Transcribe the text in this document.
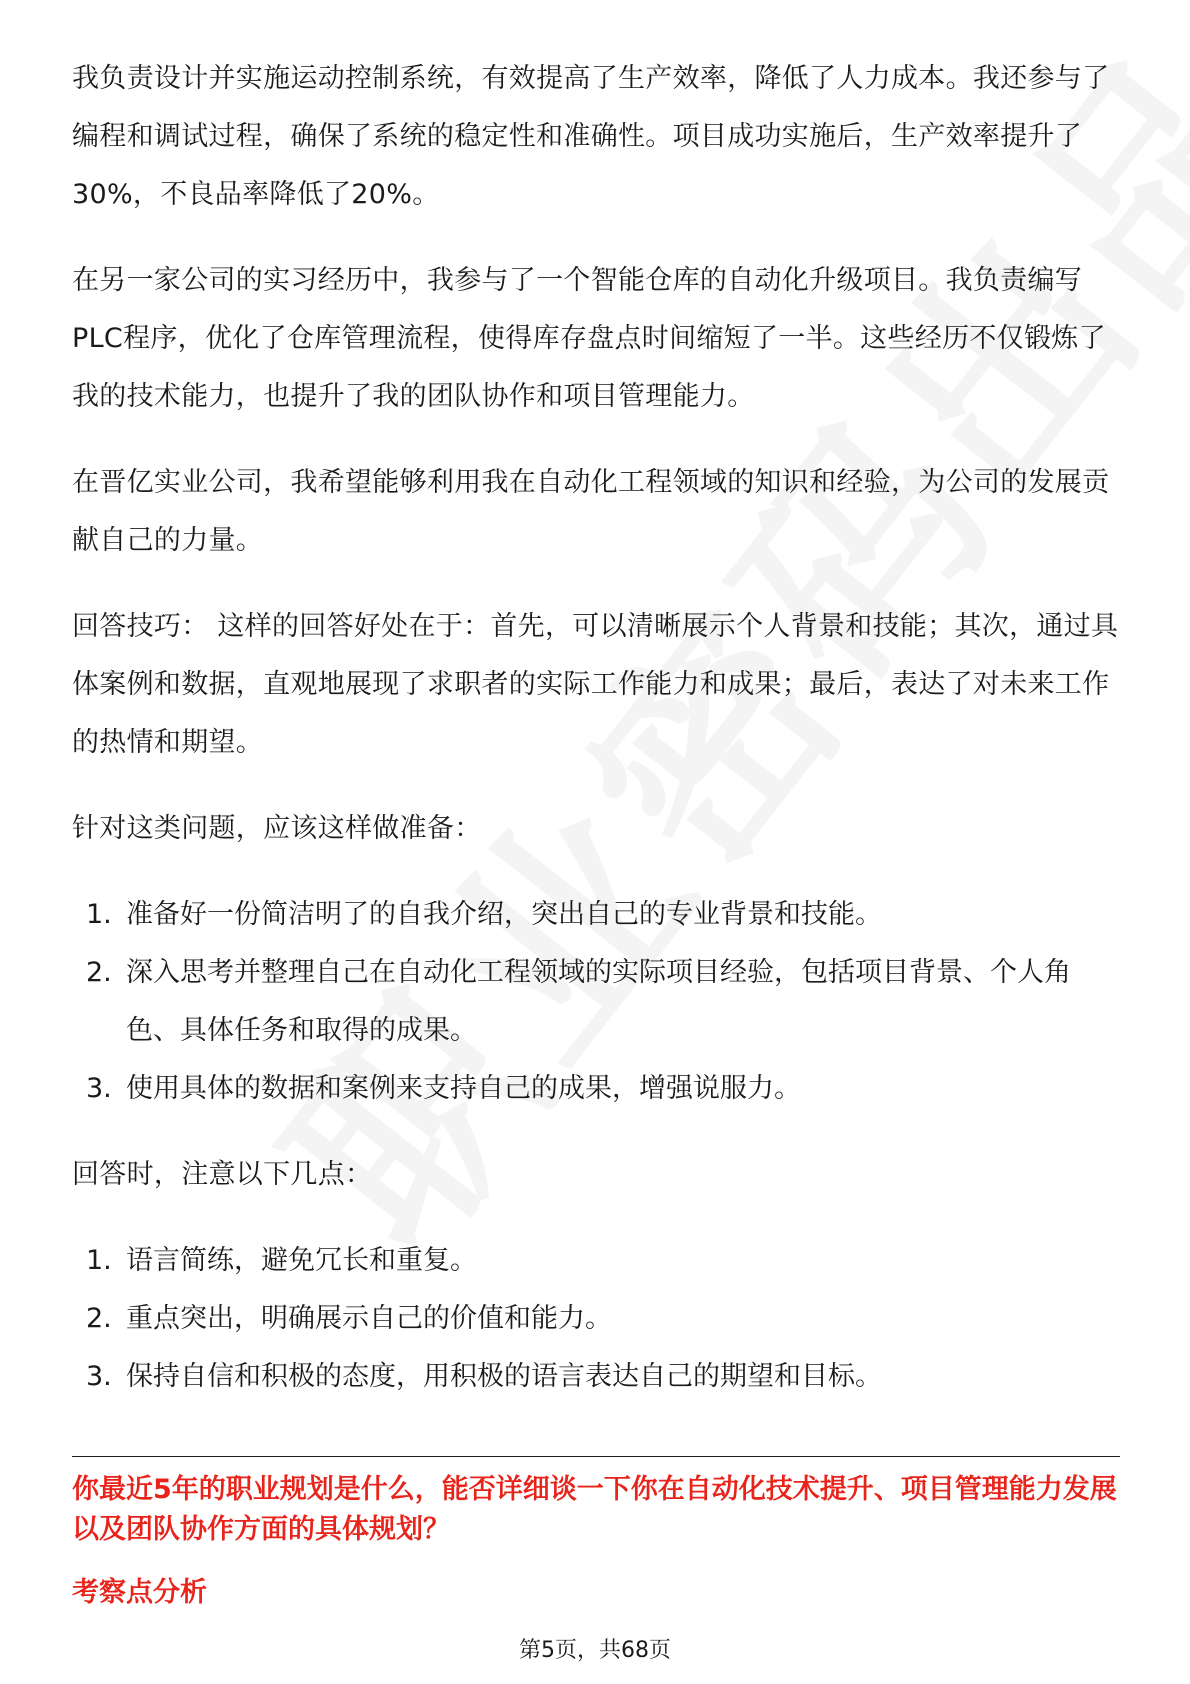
我负责设计并实施运动控制系统，有效提高了生产效率，降低了人力成本。我还参与了编程和调试过程，确保了系统的稳定性和准确性。项目成功实施后，生产效率提升了30%，不良品率降低了20%。

在另一家公司的实习经历中，我参与了一个智能仓库的自动化升级项目。我负责编写PLC程序，优化了仓库管理流程，使得库存盘点时间缩短了一半。这些经历不仅锻炼了我的技术能力，也提升了我的团队协作和项目管理能力。

在晋亿实业公司，我希望能够利用我在自动化工程领域的知识和经验，为公司的发展贡献自己的力量。

回答技巧： 这样的回答好处在于：首先，可以清晰展示个人背景和技能；其次，通过具体案例和数据，直观地展现了求职者的实际工作能力和成果；最后，表达了对未来工作的热情和期望。

针对这类问题，应该这样做准备：

1. 准备好一份简洁明了的自我介绍，突出自己的专业背景和技能。
2. 深入思考并整理自己在自动化工程领域的实际项目经验，包括项目背景、个人角色、具体任务和取得的成果。
3. 使用具体的数据和案例来支持自己的成果，增强说服力。

回答时，注意以下几点：

1. 语言简练，避免冗长和重复。
2. 重点突出，明确展示自己的价值和能力。
3. 保持自信和积极的态度，用积极的语言表达自己的期望和目标。
你最近5年的职业规划是什么，能否详细谈一下你在自动化技术提升、项目管理能力发展以及团队协作方面的具体规划？
考察点分析
第5页，共68页
